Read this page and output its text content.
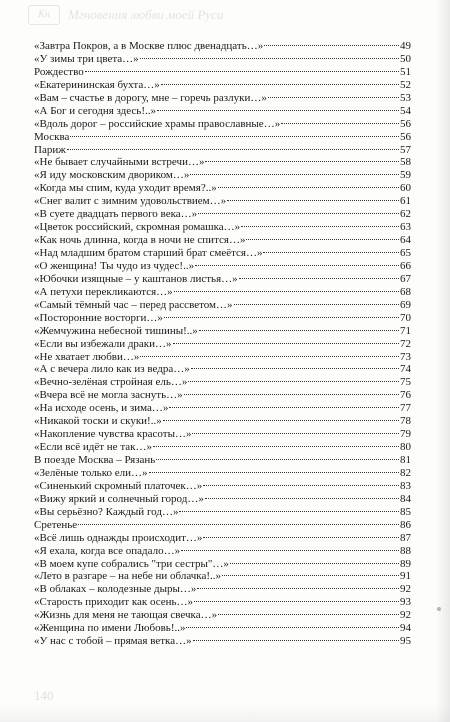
Кн	Мгновения любви моей Руси
«Завтра Покров, а в Москве плюс двенадцать…»	49
«У зимы три цвета…»	50
Рождество	51
«Екатерининская бухта…»	52
«Вам – счастье в дорогу, мне – горечь разлуки…»	53
«А Бог и сегодня здесь!..»	54
«Вдоль дорог – российские храмы православные…»	56
Москва	56
Париж	57
«Не бывает случайными встречи…»	58
«Я иду московским двориком…»	59
«Когда мы спим, куда уходит время?..»	60
«Снег валит с зимним удовольствием…»	61
«В суете двадцать первого века…»	62
«Цветок российский, скромная ромашка…»	63
«Как ночь длинна, когда в ночи не спится…»	64
«Над младшим братом старший брат смеётся…»	65
«О женщина! Ты чудо из чудес!..»	66
«Юбочки изящные – у каштанов листья…»	67
«А петухи перекликаются…»	68
«Самый тёмный час – перед рассветом…»	69
«Посторонние восторги…»	70
«Жемчужина небесной тишины!..»	71
«Если вы избежали драки…»	72
«Не хватает любви…»	73
«А с вечера лило как из ведра…»	74
«Вечно-зелёная стройная ель…»	75
«Вчера всё не могла заснуть…»	76
«На исходе осень, и зима…»	77
«Никакой тоски и скуки!..»	78
«Накопление чувства красоты…»	79
«Если всё идёт не так…»	80
В поезде Москва – Рязань	81
«Зелёные только ели…»	82
«Синенький скромный платочек…»	83
«Вижу яркий и солнечный город…»	84
«Вы серьёзно? Каждый год…»	85
Сретенье	86
«Всё лишь однажды происходит…»	87
«Я ехала, когда все опадало…»	88
«В моем купе собрались "три сестры"…»	89
«Лето в разгаре – на небе ни облачка!..»	91
«В облаках – колодезные дыры…»	92
«Старость приходит как осень…»	93
«Жизнь для меня не тающая свечка…»	92
«Женщина по имени Любовь!..»	94
«У нас с тобой – прямая ветка…»	95
140
